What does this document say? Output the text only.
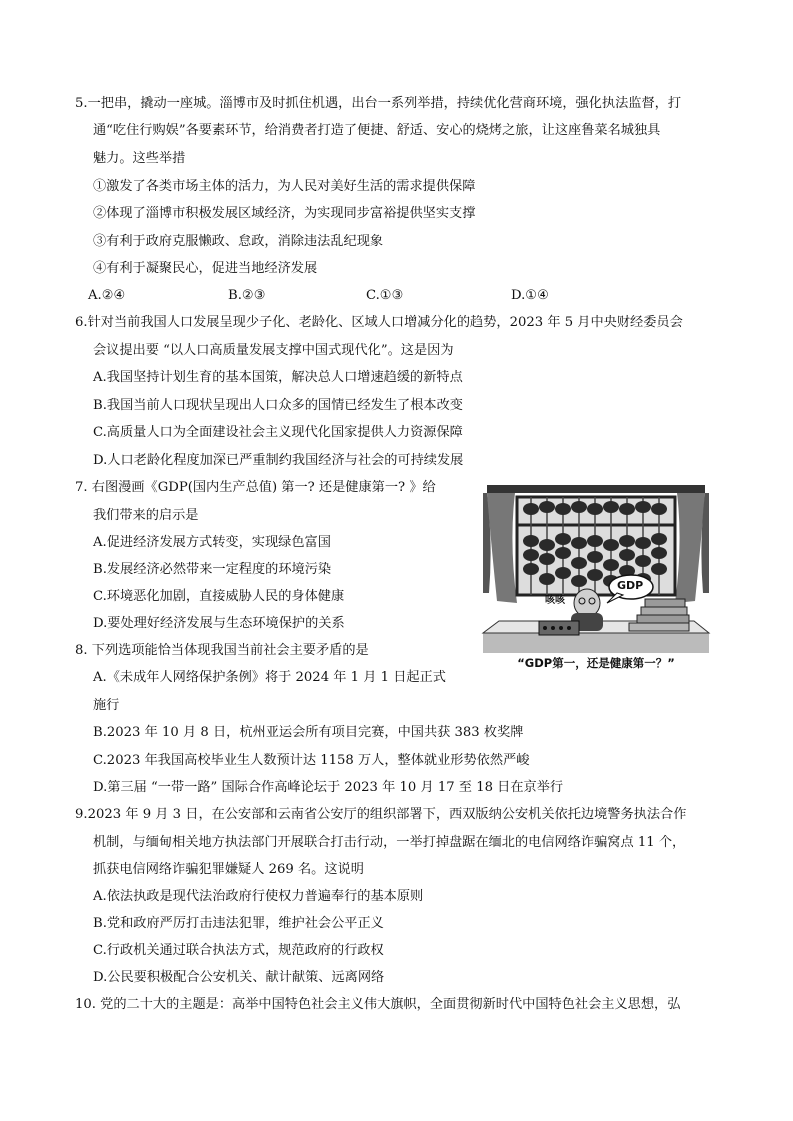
5.一把串，撬动一座城。淄博市及时抓住机遇，出台一系列举措，持续优化营商环境，强化执法监督，打
通“吃住行购娱”各要素环节，给消费者打造了便捷、舒适、安心的烧烤之旅，让这座鲁菜名城独具
魅力。这些举措
①激发了各类市场主体的活力，为人民对美好生活的需求提供保障
②体现了淄博市积极发展区域经济，为实现同步富裕提供坚实支撑
③有利于政府克服懒政、怠政，消除违法乱纪现象
④有利于凝聚民心，促进当地经济发展
A.②④	B.②③	C.①③	D.①④
6.针对当前我国人口发展呈现少子化、老龄化、区域人口增减分化的趋势，2023 年 5 月中央财经委员会
会议提出要 “以人口高质量发展支撑中国式现代化”。这是因为
A.我国坚持计划生育的基本国策，解决总人口增速趋缓的新特点
B.我国当前人口现状呈现出人口众多的国情已经发生了根本改变
C.高质量人口为全面建设社会主义现代化国家提供人力资源保障
D.人口老龄化程度加深已严重制约我国经济与社会的可持续发展
7. 右图漫画《GDP(国内生产总值) 第一? 还是健康第一? 》给
我们带来的启示是
A.促进经济发展方式转变，实现绿色富国
B.发展经济必然带来一定程度的环境污染
C.环境恶化加剧，直接威胁人民的身体健康
D.要处理好经济发展与生态环境保护的关系
GDP
咳咳
“GDP第一，还是健康第一？”
8. 下列选项能恰当体现我国当前社会主要矛盾的是
A.《未成年人网络保护条例》将于 2024 年 1 月 1 日起正式
施行
B.2023 年 10 月 8 日，杭州亚运会所有项目完赛，中国共获 383 枚奖牌
C.2023 年我国高校毕业生人数预计达 1158 万人，整体就业形势依然严峻
D.第三届 “一带一路” 国际合作高峰论坛于 2023 年 10 月 17 至 18 日在京举行
9.2023 年 9 月 3 日，在公安部和云南省公安厅的组织部署下，西双版纳公安机关依托边境警务执法合作
机制，与缅甸相关地方执法部门开展联合打击行动，一举打掉盘踞在缅北的电信网络诈骗窝点 11 个，
抓获电信网络诈骗犯罪嫌疑人 269 名。这说明
A.依法执政是现代法治政府行使权力普遍奉行的基本原则
B.党和政府严厉打击违法犯罪，维护社会公平正义
C.行政机关通过联合执法方式，规范政府的行政权
D.公民要积极配合公安机关、献计献策、远离网络
10. 党的二十大的主题是：高举中国特色社会主义伟大旗帜，全面贯彻新时代中国特色社会主义思想，弘
